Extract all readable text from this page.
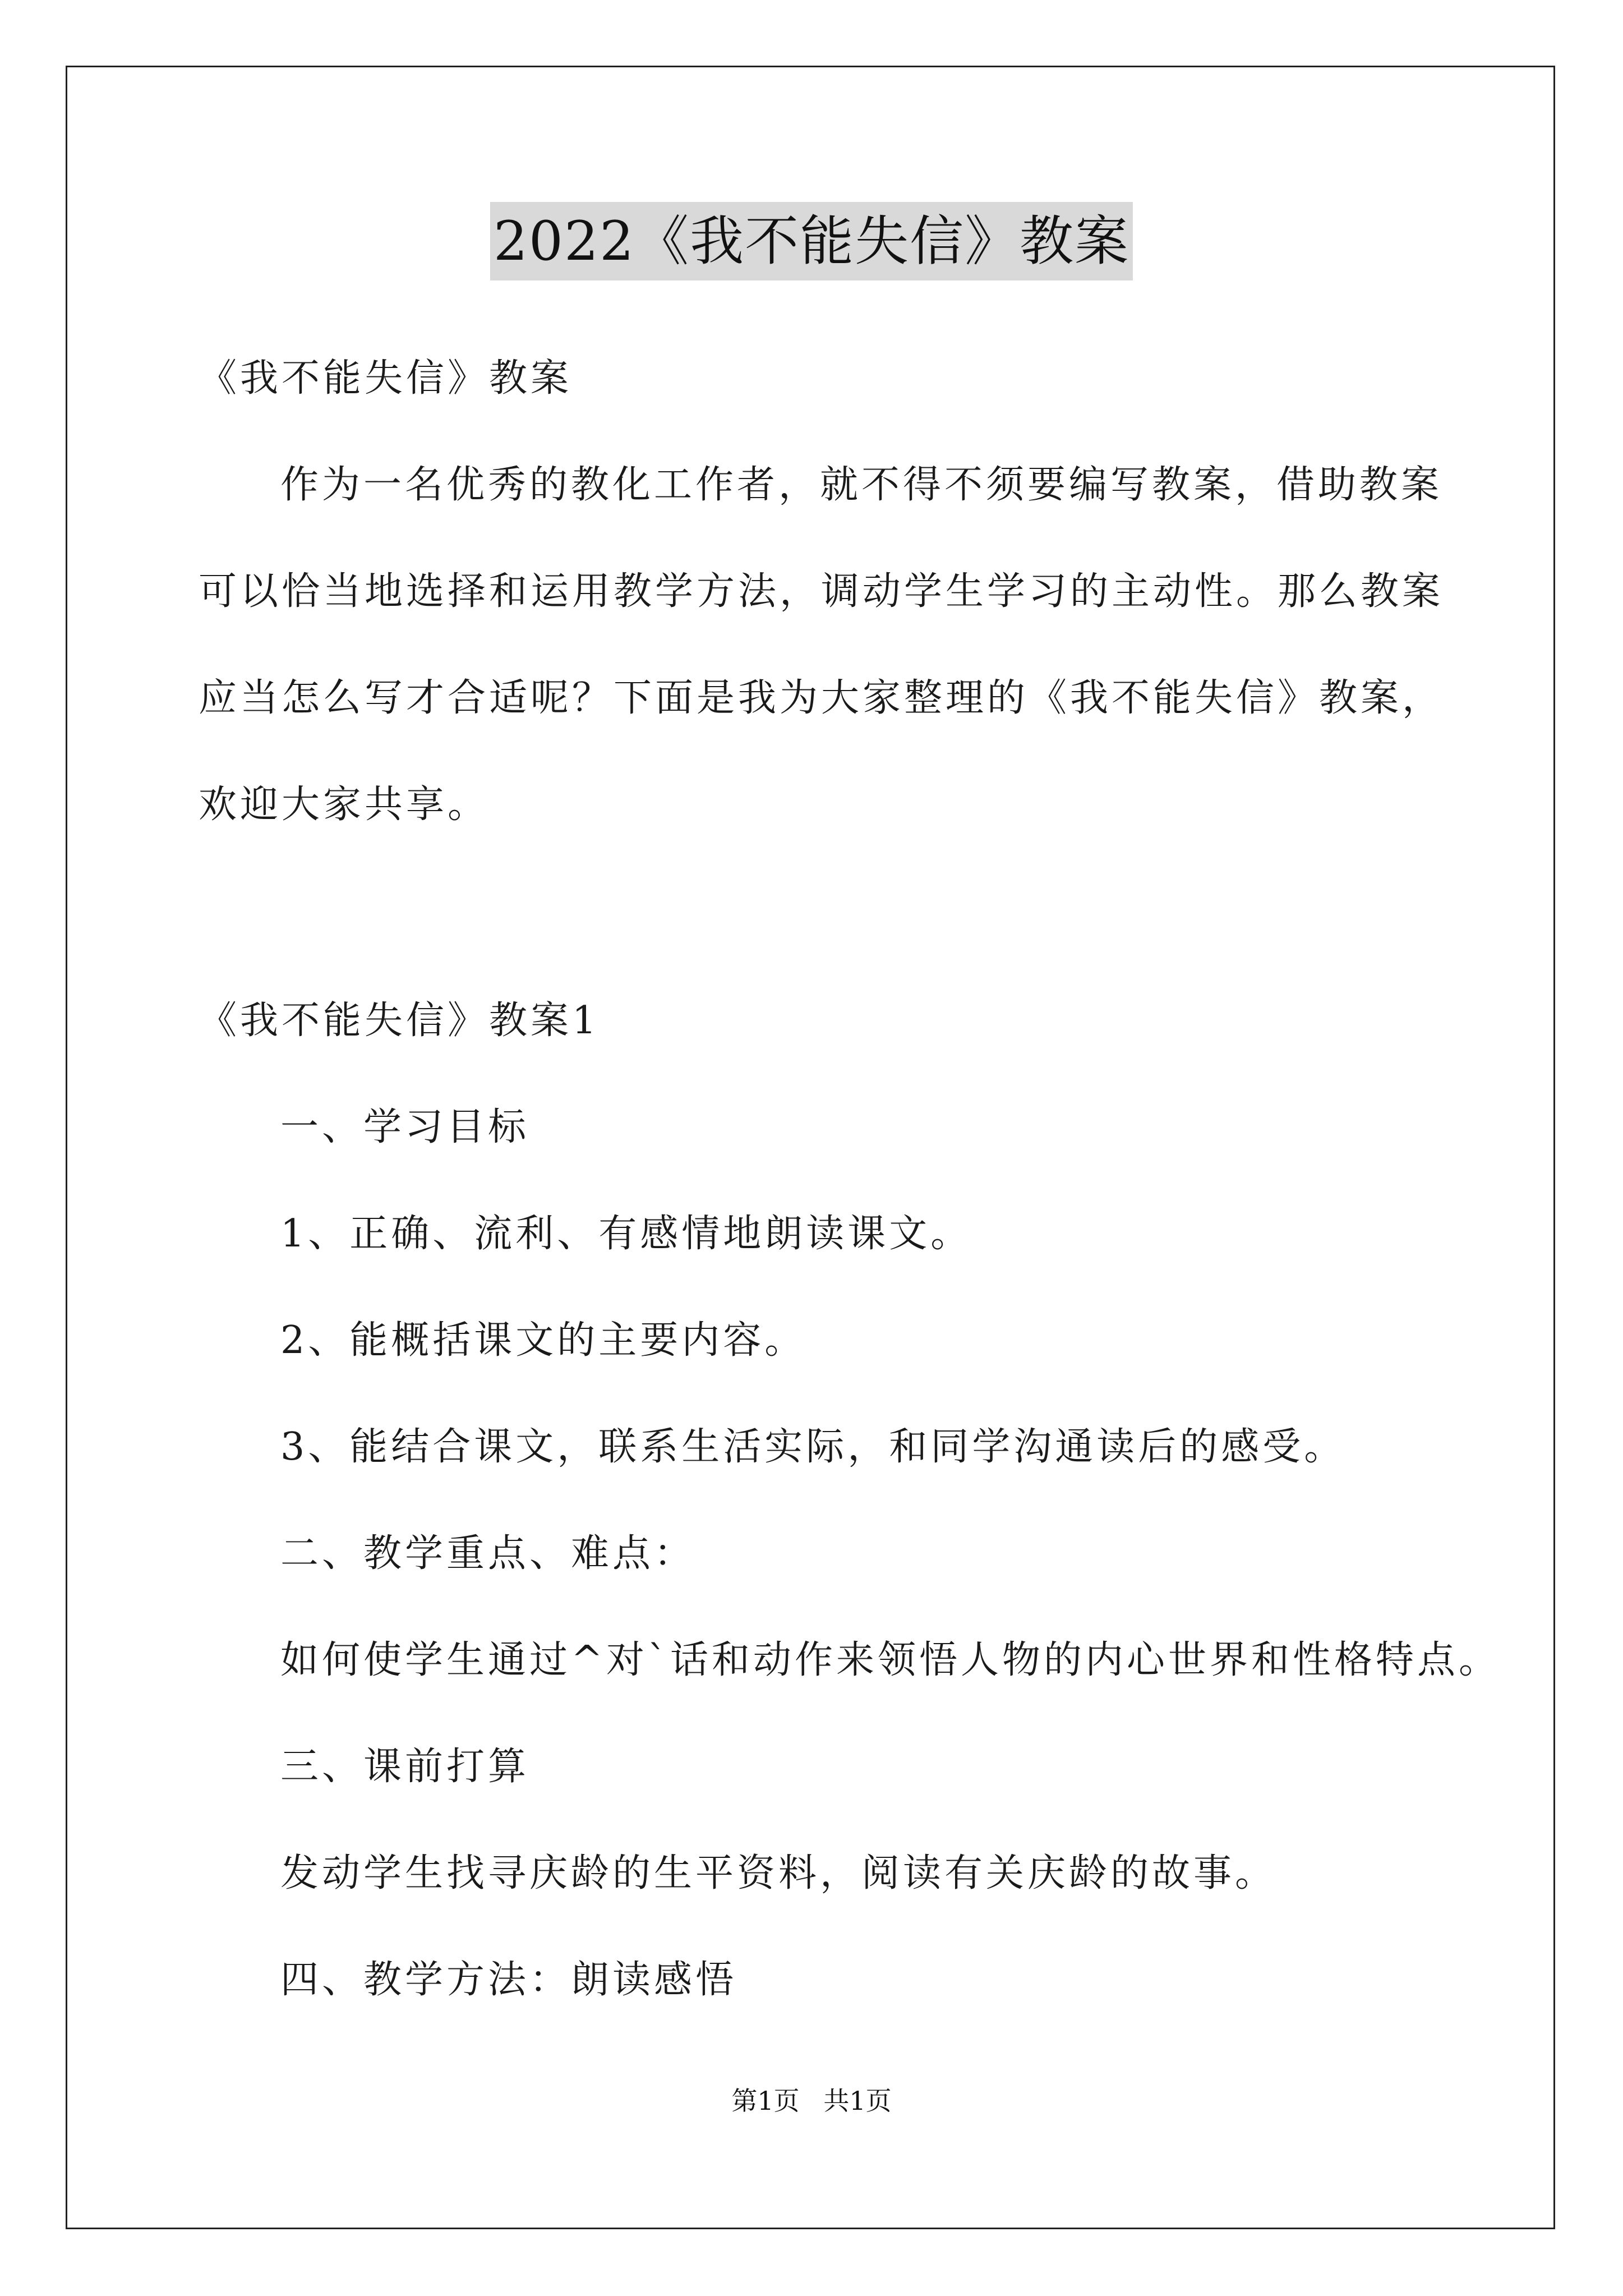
2022《我不能失信》教案
《我不能失信》教案
作为一名优秀的教化工作者，就不得不须要编写教案，借助教案
可以恰当地选择和运用教学方法，调动学生学习的主动性。那么教案
应当怎么写才合适呢？下面是我为大家整理的《我不能失信》教案，
欢迎大家共享。
《我不能失信》教案1
一、学习目标
1、正确、流利、有感情地朗读课文。
2、能概括课文的主要内容。
3、能结合课文，联系生活实际，和同学沟通读后的感受。
二、教学重点、难点：
如何使学生通过^对`话和动作来领悟人物的内心世界和性格特点。
三、课前打算
发动学生找寻庆龄的生平资料，阅读有关庆龄的故事。
四、教学方法：朗读感悟
第1页 共1页
